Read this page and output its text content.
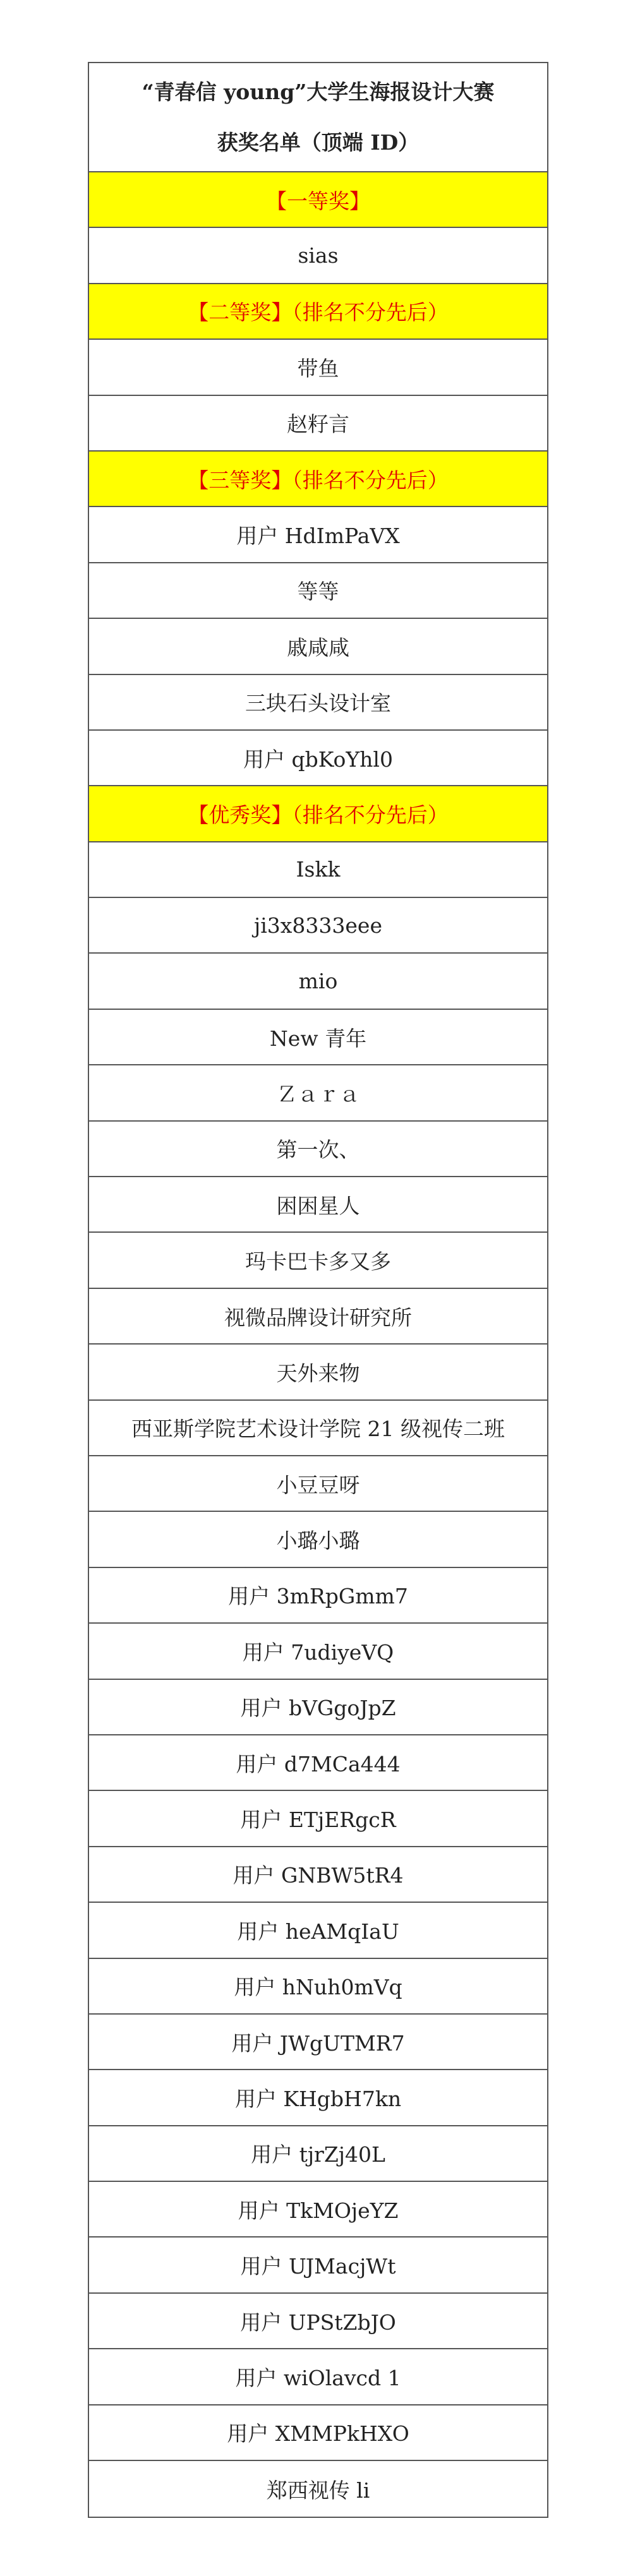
“青春信 young”大学生海报设计大赛
获奖名单（顶端 ID）
【一等奖】
sias
【二等奖】（排名不分先后）
带鱼
赵籽言
【三等奖】（排名不分先后）
用户 HdImPaVX
等等
戚咸咸
三块石头设计室
用户 qbKoYhl0
【优秀奖】（排名不分先后）
Iskk
ji3x8333eee
mio
New 青年
Ｚａｒａ
第一次、
困困星人
玛卡巴卡多又多
视微品牌设计研究所
天外来物
西亚斯学院艺术设计学院 21 级视传二班
小豆豆呀
小璐小璐
用户 3mRpGmm7
用户 7udiyeVQ
用户 bVGgoJpZ
用户 d7MCa444
用户 ETjERgcR
用户 GNBW5tR4
用户 heAMqIaU
用户 hNuh0mVq
用户 JWgUTMR7
用户 KHgbH7kn
用户 tjrZj40L
用户 TkMOjeYZ
用户 UJMacjWt
用户 UPStZbJO
用户 wiOlavcd 1
用户 XMMPkHXO
郑西视传 li
